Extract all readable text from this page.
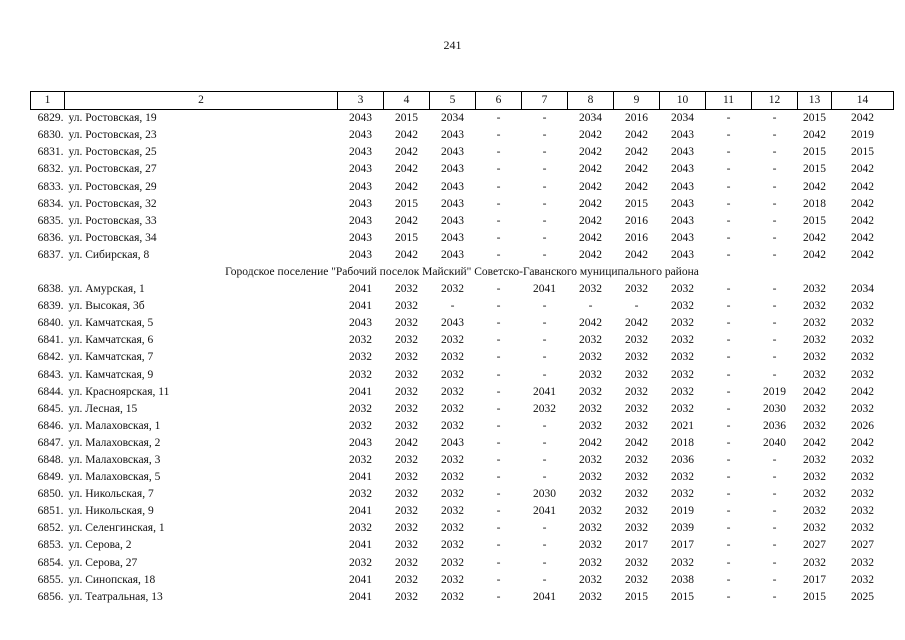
241
1	2	3	4	5	6	7	8	9	10	11	12	13	14
6829.	ул. Ростовская, 19	2043	2015	2034	-	-	2034	2016	2034	-	-	2015	2042
6830.	ул. Ростовская, 23	2043	2042	2043	-	-	2042	2042	2043	-	-	2042	2019
6831.	ул. Ростовская, 25	2043	2042	2043	-	-	2042	2042	2043	-	-	2015	2015
6832.	ул. Ростовская, 27	2043	2042	2043	-	-	2042	2042	2043	-	-	2015	2042
6833.	ул. Ростовская, 29	2043	2042	2043	-	-	2042	2042	2043	-	-	2042	2042
6834.	ул. Ростовская, 32	2043	2015	2043	-	-	2042	2015	2043	-	-	2018	2042
6835.	ул. Ростовская, 33	2043	2042	2043	-	-	2042	2016	2043	-	-	2015	2042
6836.	ул. Ростовская, 34	2043	2015	2043	-	-	2042	2016	2043	-	-	2042	2042
6837.	ул. Сибирская, 8	2043	2042	2043	-	-	2042	2042	2043	-	-	2042	2042
Городское поселение "Рабочий поселок Майский" Советско-Гаванского муниципального района													
6838.	ул. Амурская, 1	2041	2032	2032	-	2041	2032	2032	2032	-	-	2032	2034
6839.	ул. Высокая, 3б	2041	2032	-	-	-	-	-	2032	-	-	2032	2032
6840.	ул. Камчатская, 5	2043	2032	2043	-	-	2042	2042	2032	-	-	2032	2032
6841.	ул. Камчатская, 6	2032	2032	2032	-	-	2032	2032	2032	-	-	2032	2032
6842.	ул. Камчатская, 7	2032	2032	2032	-	-	2032	2032	2032	-	-	2032	2032
6843.	ул. Камчатская, 9	2032	2032	2032	-	-	2032	2032	2032	-	-	2032	2032
6844.	ул. Красноярская, 11	2041	2032	2032	-	2041	2032	2032	2032	-	2019	2042	2042
6845.	ул. Лесная, 15	2032	2032	2032	-	2032	2032	2032	2032	-	2030	2032	2032
6846.	ул. Малаховская, 1	2032	2032	2032	-	-	2032	2032	2021	-	2036	2032	2026
6847.	ул. Малаховская, 2	2043	2042	2043	-	-	2042	2042	2018	-	2040	2042	2042
6848.	ул. Малаховская, 3	2032	2032	2032	-	-	2032	2032	2036	-	-	2032	2032
6849.	ул. Малаховская, 5	2041	2032	2032	-	-	2032	2032	2032	-	-	2032	2032
6850.	ул. Никольская, 7	2032	2032	2032	-	2030	2032	2032	2032	-	-	2032	2032
6851.	ул. Никольская, 9	2041	2032	2032	-	2041	2032	2032	2019	-	-	2032	2032
6852.	ул. Селенгинская, 1	2032	2032	2032	-	-	2032	2032	2039	-	-	2032	2032
6853.	ул. Серова, 2	2041	2032	2032	-	-	2032	2017	2017	-	-	2027	2027
6854.	ул. Серова, 27	2032	2032	2032	-	-	2032	2032	2032	-	-	2032	2032
6855.	ул. Синопская, 18	2041	2032	2032	-	-	2032	2032	2038	-	-	2017	2032
6856.	ул. Театральная, 13	2041	2032	2032	-	2041	2032	2015	2015	-	-	2015	2025
